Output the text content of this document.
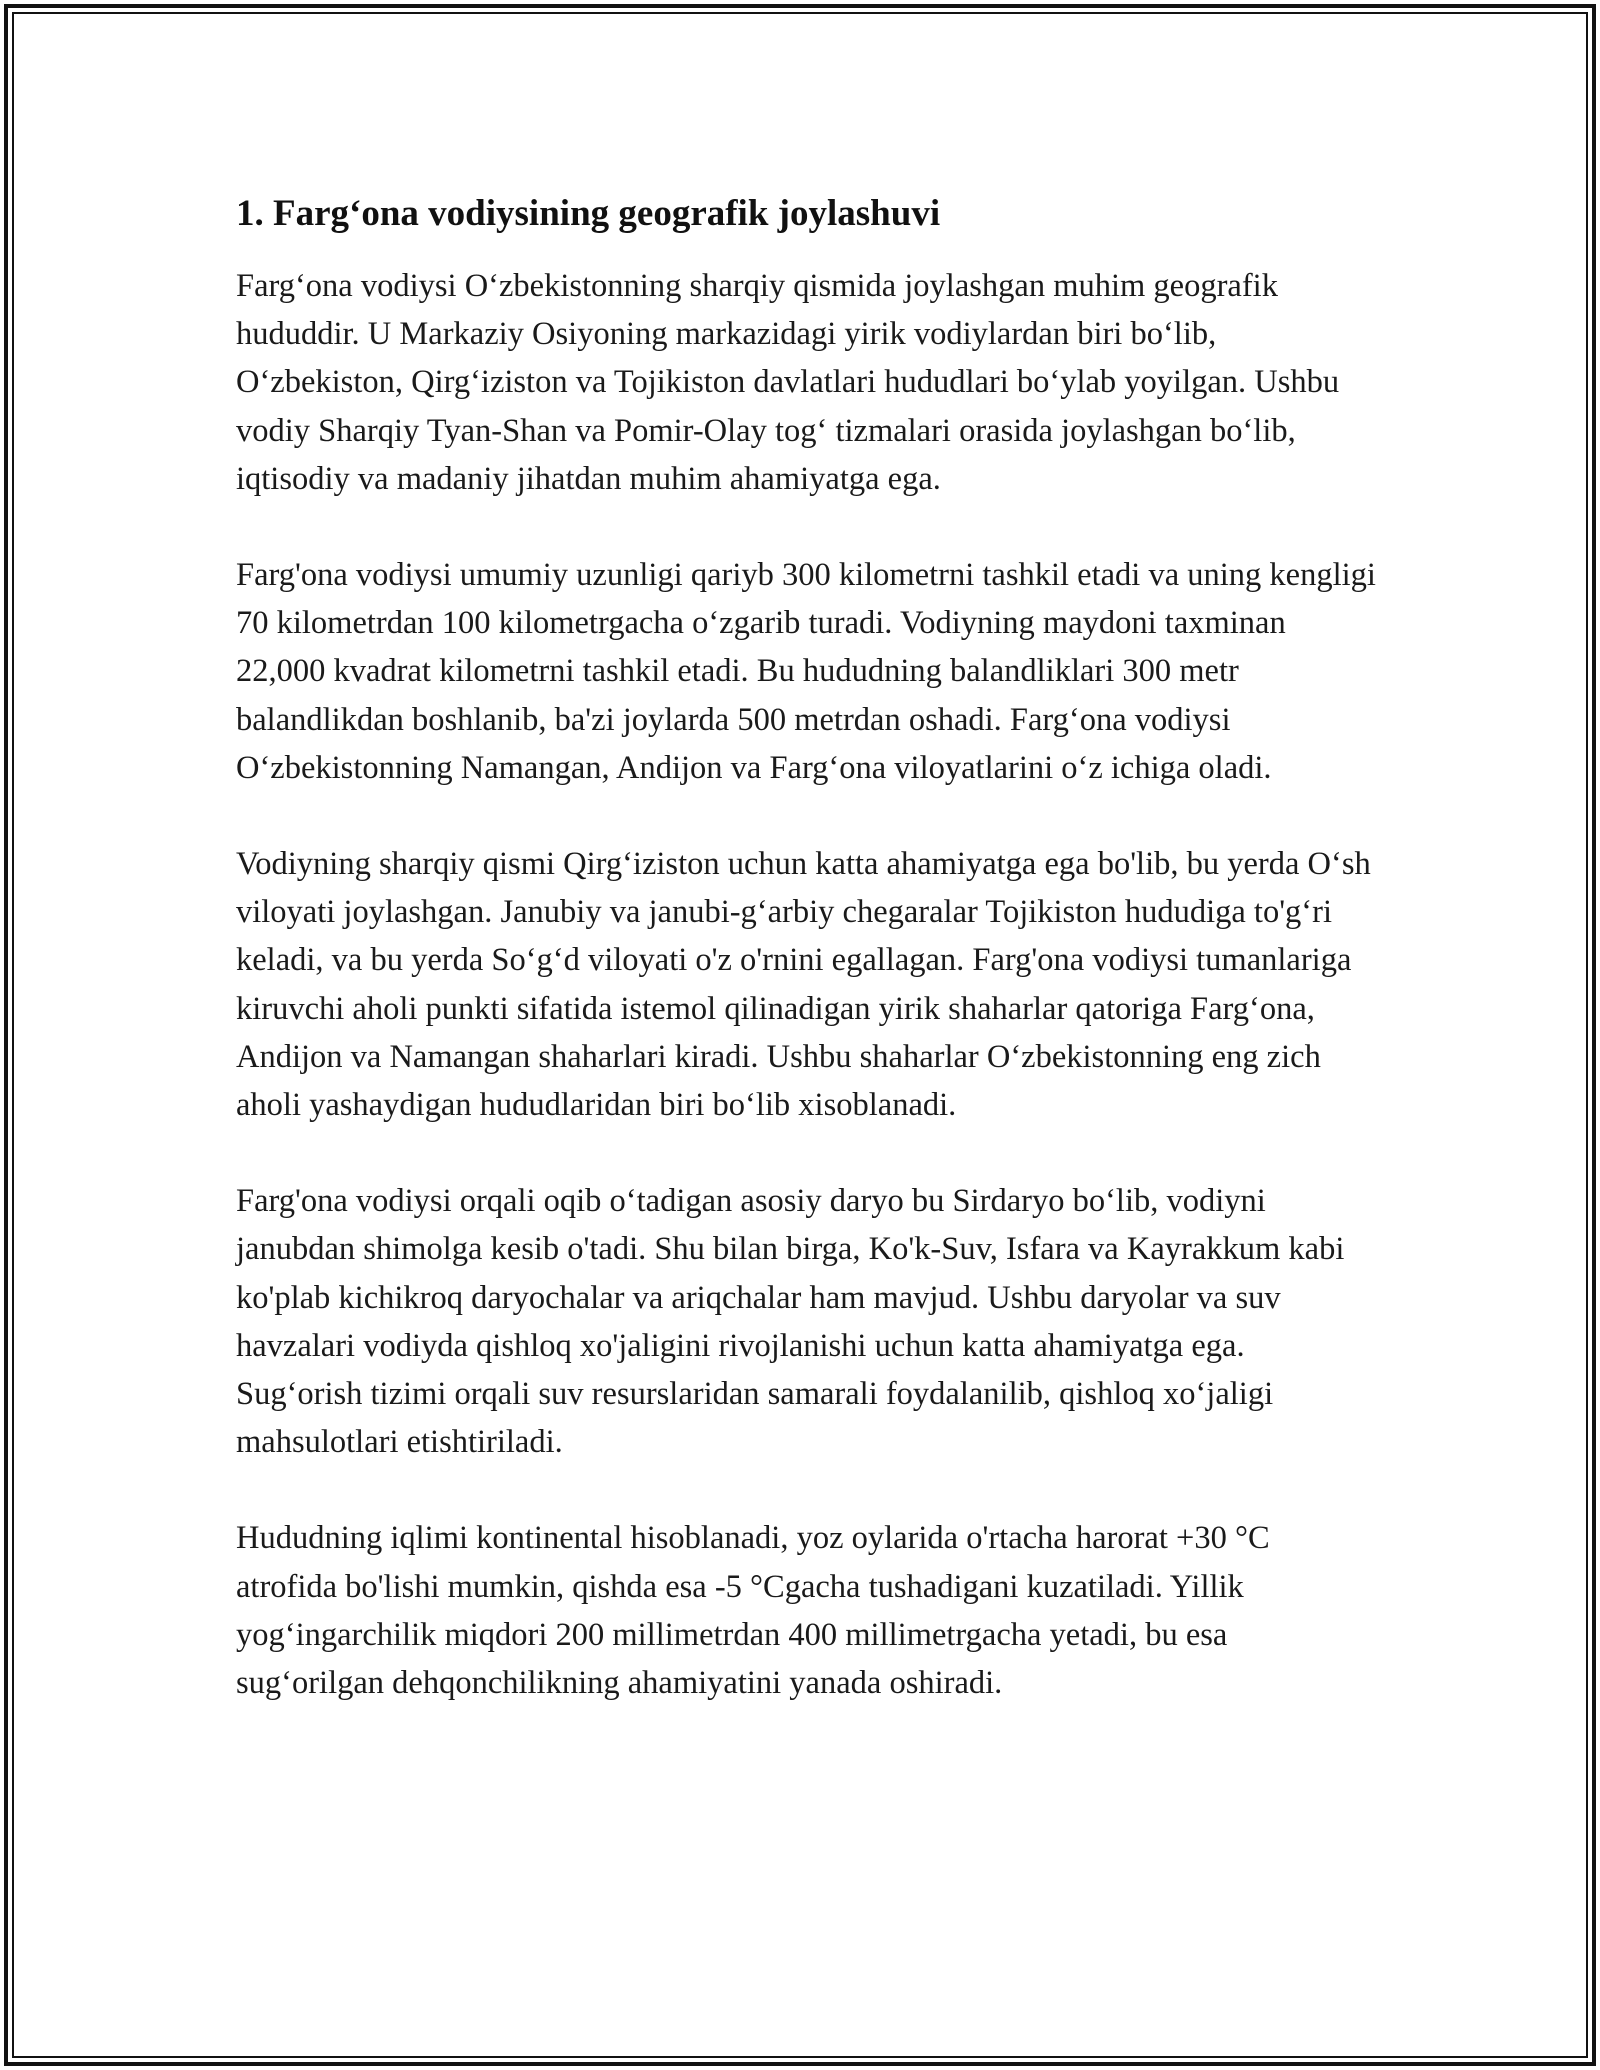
1. Farg‘ona vodiysining geografik joylashuvi

Farg‘ona vodiysi O‘zbekistonning sharqiy qismida joylashgan muhim geografik hududdir. U Markaziy Osiyoning markazidagi yirik vodiylardan biri bo‘lib, O‘zbekiston, Qirg‘iziston va Tojikiston davlatlari hududlari bo‘ylab yoyilgan. Ushbu vodiy Sharqiy Tyan-Shan va Pomir-Olay tog‘ tizmalari orasida joylashgan bo‘lib, iqtisodiy va madaniy jihatdan muhim ahamiyatga ega.

Farg'ona vodiysi umumiy uzunligi qariyb 300 kilometrni tashkil etadi va uning kengligi 70 kilometrdan 100 kilometrgacha o‘zgarib turadi. Vodiyning maydoni taxminan 22,000 kvadrat kilometrni tashkil etadi. Bu hududning balandliklari 300 metr balandlikdan boshlanib, ba'zi joylarda 500 metrdan oshadi. Farg‘ona vodiysi O‘zbekistonning Namangan, Andijon va Farg‘ona viloyatlarini o‘z ichiga oladi.

Vodiyning sharqiy qismi Qirg‘iziston uchun katta ahamiyatga ega bo'lib, bu yerda O‘sh viloyati joylashgan. Janubiy va janubi-g‘arbiy chegaralar Tojikiston hududiga to'g‘ri keladi, va bu yerda So‘g‘d viloyati o'z o'rnini egallagan. Farg'ona vodiysi tumanlariga kiruvchi aholi punkti sifatida istemol qilinadigan yirik shaharlar qatoriga Farg‘ona, Andijon va Namangan shaharlari kiradi. Ushbu shaharlar O‘zbekistonning eng zich aholi yashaydigan hududlaridan biri bo‘lib xisoblanadi.

Farg'ona vodiysi orqali oqib o‘tadigan asosiy daryo bu Sirdaryo bo‘lib, vodiyni janubdan shimolga kesib o'tadi. Shu bilan birga, Ko'k-Suv, Isfara va Kayrakkum kabi ko'plab kichikroq daryochalar va ariqchalar ham mavjud. Ushbu daryolar va suv havzalari vodiyda qishloq xo'jaligini rivojlanishi uchun katta ahamiyatga ega. Sug‘orish tizimi orqali suv resurslaridan samarali foydalanilib, qishloq xo‘jaligi mahsulotlari etishtiriladi.

Hududning iqlimi kontinental hisoblanadi, yoz oylarida o'rtacha harorat +30 °C atrofida bo'lishi mumkin, qishda esa -5 °Cgacha tushadigani kuzatiladi. Yillik yog‘ingarchilik miqdori 200 millimetrdan 400 millimetrgacha yetadi, bu esa sug‘orilgan dehqonchilikning ahamiyatini yanada oshiradi.
